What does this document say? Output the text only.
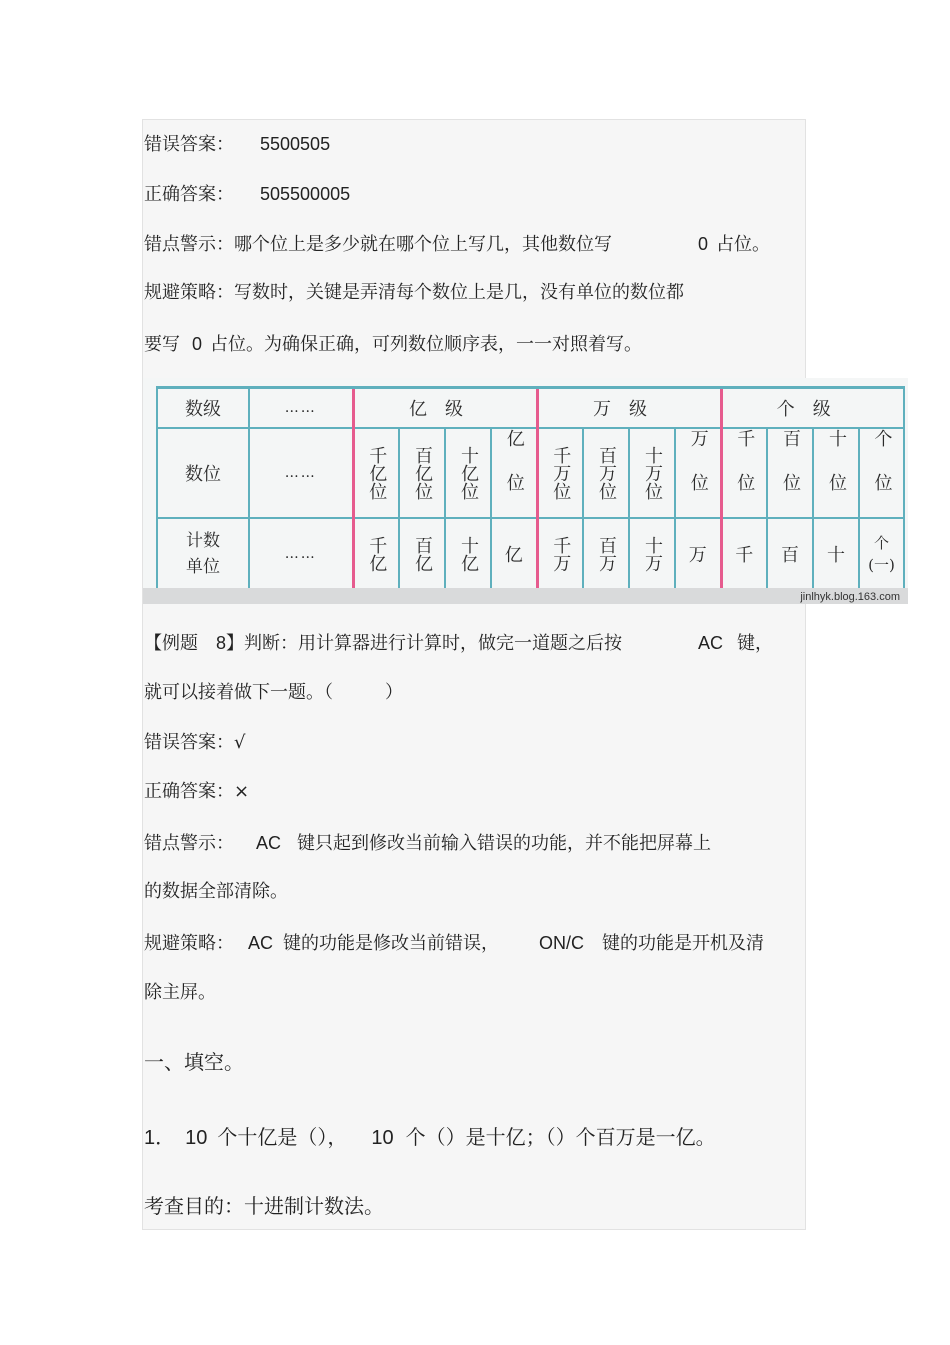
错误答案： 5500505
正确答案： 505500005
错点警示：哪个位上是多少就在哪个位上写几，其他数位写	0 占位。
规避策略：写数时，关键是弄清每个数位上是几，没有单位的数位都
要写 0 占位。为确保正确，可列数位顺序表，一一对照着写。
数级	……	亿级				万级				个级			
数位	……	千亿位	百亿位	十亿位	亿位	千万位	百万位	十万位	万位	千位	百位	十位	个位
计数单位	……	千亿	百亿	十亿	亿	千万	百万	十万	万	千	百	十	个(一)
jinlhyk.blog.163.com
【例题 8】判断：用计算器进行计算时，做完一道题之后按	AC 键，
就可以接着做下一题。（	）
错误答案：√
正确答案：×
错点警示： AC 键只起到修改当前输入错误的功能，并不能把屏幕上
的数据全部清除。
规避策略： AC 键的功能是修改当前错误， ON/C 键的功能是开机及清
除主屏。
一、填空。
1． 10 个十亿是（）， 10 个（）是十亿；（）个百万是一亿。
考查目的：十进制计数法。
